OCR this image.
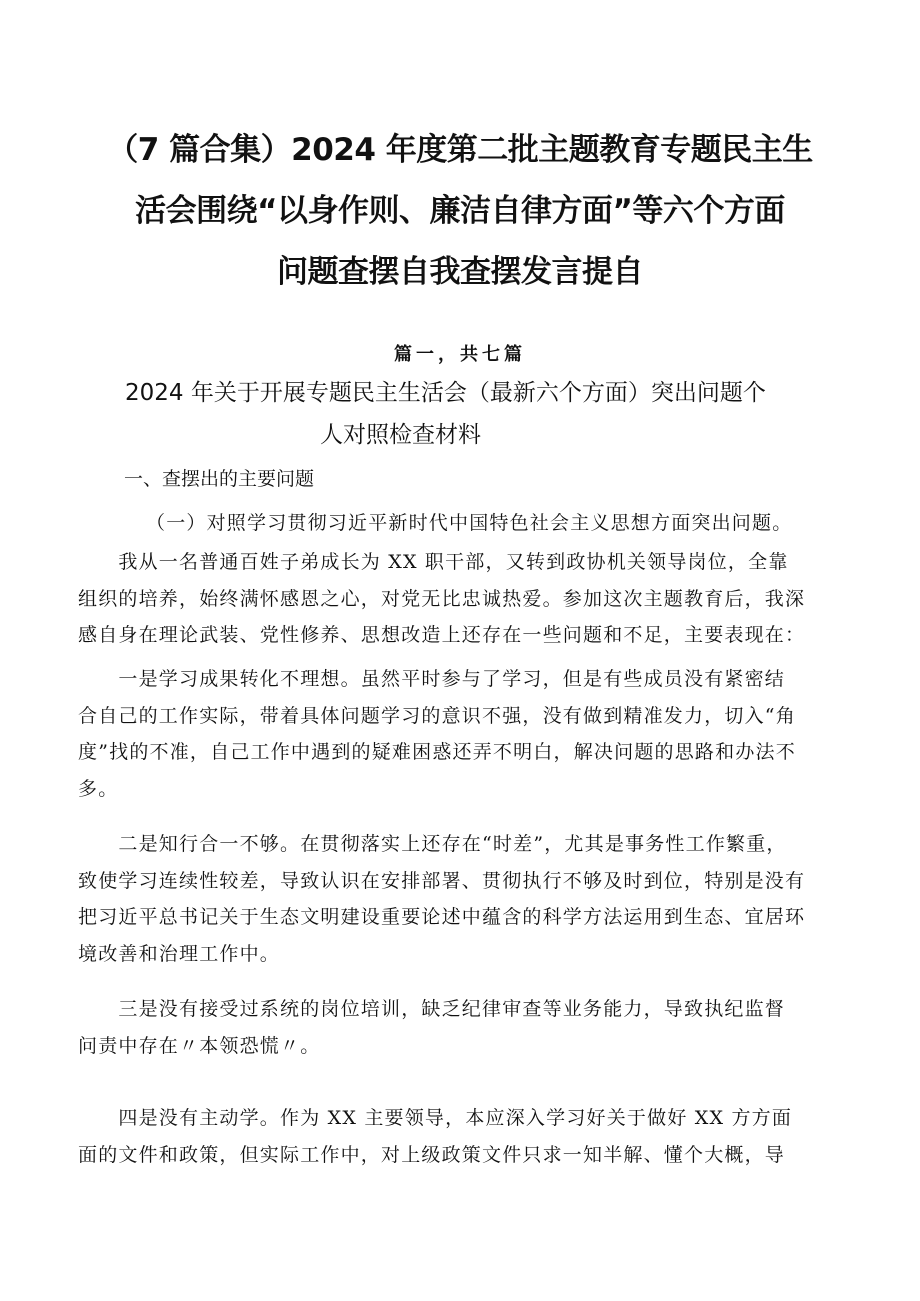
（7 篇合集）2024 年度第二批主题教育专题民主生
活会围绕“以身作则、廉洁自律方面”等六个方面
问题查摆自我查摆发言提自
篇一，共七篇
2024 年关于开展专题民主生活会（最新六个方面）突出问题个
人对照检查材料
一、查摆出的主要问题
（一）对照学习贯彻习近平新时代中国特色社会主义思想方面突出问题。
　　我从一名普通百姓子弟成长为 XX 职干部，又转到政协机关领导岗位，全靠
组织的培养，始终满怀感恩之心，对党无比忠诚热爱。参加这次主题教育后，我深
感自身在理论武装、党性修养、思想改造上还存在一些问题和不足，主要表现在：
　　一是学习成果转化不理想。虽然平时参与了学习，但是有些成员没有紧密结
合自己的工作实际，带着具体问题学习的意识不强，没有做到精准发力，切入“角
度”找的不准，自己工作中遇到的疑难困惑还弄不明白，解决问题的思路和办法不
多。
　　二是知行合一不够。在贯彻落实上还存在“时差”，尤其是事务性工作繁重，
致使学习连续性较差，导致认识在安排部署、贯彻执行不够及时到位，特别是没有
把习近平总书记关于生态文明建设重要论述中蕴含的科学方法运用到生态、宜居环
境改善和治理工作中。
　　三是没有接受过系统的岗位培训，缺乏纪律审查等业务能力，导致执纪监督
问责中存在〃本领恐慌〃。
　　四是没有主动学。作为 XX 主要领导，本应深入学习好关于做好 XX 方方面
面的文件和政策，但实际工作中，对上级政策文件只求一知半解、懂个大概，导
